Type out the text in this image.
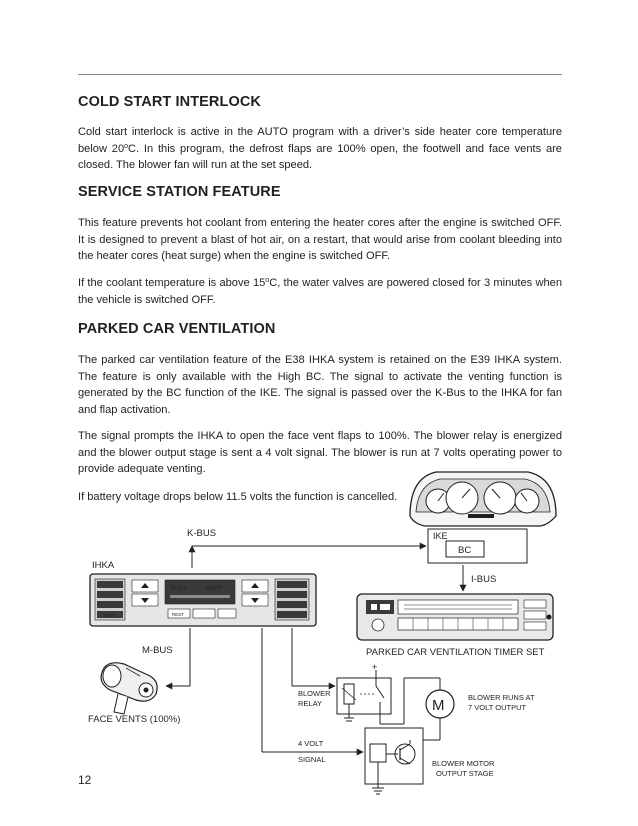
COLD START INTERLOCK

Cold start interlock is active in the AUTO program with a driver’s side heater core temperature below 20$^o$C. In this program, the defrost flaps are 100% open, the footwell and face vents are closed. The blower fan will run at the set speed.

SERVICE STATION FEATURE

This feature prevents hot coolant from entering the heater cores after the engine is switched OFF. It is designed to prevent a blast of hot air, on a restart, that would arise from coolant bleeding into the heater cores (heat surge) when the engine is switched OFF.

If the coolant temperature is above 15$^o$C, the water valves are powered closed for 3 minutes when the vehicle is switched OFF.

PARKED CAR VENTILATION

The parked car ventilation feature of the E38 IHKA system is retained on the E39 IHKA system. The feature is only available with the High BC. The signal to activate the venting function is generated by the BC function of the IKE. The signal is passed over the K-Bus to the IHKA for fan and flap activation.

The signal prompts the IHKA to open the face vent flaps to 100%. The blower relay is energized and the blower output stage is sent a 4 volt signal. The blower is run at 7 volts operating power to provide adequate venting.

If battery voltage drops below 11.5 volts the function is cancelled.

IKE
BC
K-BUS
I-BUS
IHKA
AUTO
70.0°F	640°F
REST
PARKED CAR VENTILATION TIMER SET
M-BUS
FACE VENTS (100%)
BLOWER
RELAY
4 VOLT
SIGNAL
+
M	BLOWER RUNS AT
7 VOLT OUTPUT
BLOWER MOTOR
OUTPUT STAGE
12
